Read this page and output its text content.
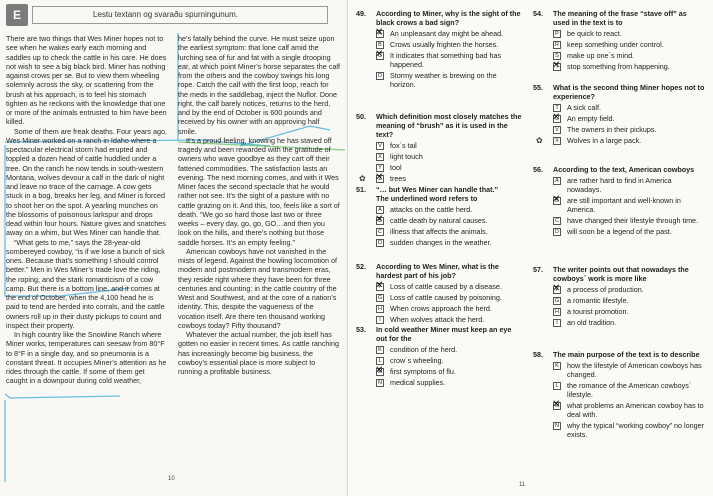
E	Lestu textann og svaraðu spurningunum.

There are two things that Wes Miner hopes not to see when he wakes early each morning and saddles up to check the cattle in his care. He does not wish to see a big black bird. Miner has nothing against crows per se. But to view them wheeling solemnly across the sky, or scattering from the brush at his approach, is to feel his stomach tighten as he reckons with the knowledge that one or more of the animals entrusted to him have been killed.

Some of them are freak deaths. Four years ago, Wes Miner worked on a ranch in Idaho where a spectacular electrical storm had erupted and toppled a dozen head of cattle huddled under a tree. On the ranch he now tends in south-western Montana, wolves devour a calf in the dark of night and leave no trace of the carnage. A cow gets stuck in a bog, breaks her leg, and Miner is forced to shoot her on the spot. A yearling munches on the blossoms of poisonous larkspur and drops dead within four hours. Nature gives and snatches away on a whim, but Wes Miner can handle that.

“What gets to me,” says the 28-year-old sombereyed cowboy, “is if we lose a bunch of sick ones. Because that’s something I should control better.” Men in Wes Miner’s trade love the riding, the roping, and the stark romanticism of a cow camp. But there is a bottom line, and it comes at the end of October, when the 4,100 head he is paid to tend are herded into corrals, and the cattle owners roll up in their dusty pickups to count and inspect their property.

In high country like the Snowline Ranch where Miner works, temperatures can seesaw from 80°F to 8°F in a single day, and so pneumonia is a constant threat. It occupies Miner’s attention as he rides through the cattle. If some of them get caught in a downpour during cold weather,

he’s fatally behind the curve. He must seize upon the earliest symptom: that lone calf amid the lurching sea of fur and fat with a single drooping ear, at which point Miner’s horse separates the calf from the others and the cowboy swings his long rope. Catch the calf with the first loop, reach for the meds in the saddlebag, inject the Nuflor. Done right, the calf barely notices, returns to the herd, and by the end of October is 600 pounds and received by his owner with an approving half smile.

It’s a proud feeling, knowing he has staved off tragedy and been rewarded with the gratitude of owners who wave goodbye as they cart off their fattened commodities. The satisfaction lasts an evening. The next morning comes, and with it Wes Miner faces the second spectacle that he would rather not see. It’s the sight of a pasture with no cattle grazing on it. And this, too, feels like a sort of death. “We go so hard those last two or three weeks – every day, go, go, GO…and then you look on the hills, and there’s nothing but those saddle horses. It’s an empty feeling.”

American cowboys have not vanished in the mists of legend. Against the howling locomotion of modern and postmodern and transmodern eras, they reside right where they have been for three centuries and counting: in the cattle country of the West and Southwest, and at the core of a nation’s identity. This, despite the vagueness of the vocation itself. Are there ten thousand working cowboys today? Fifty thousand?

Whatever the actual number, the job itself has gotten no easier in recent times. As cattle ranching has increasingly become big business, the cowboy’s essential place is more subject to running a profitable business.

10
49.	According to Miner, why is the sight of the black crows a bad sign?
A ✕	An unpleasant day might be ahead.
B	Crows usually frighten the horses.
C ✕ It indicates that something bad has happened.
D Stormy weather is brewing on the horizon.
50.	Which definition most closely matches the meaning of “brush” as it is used in the text?
V	fox´s tail
X	light touch
Y	tool
✿	Z ✕	trees
51.	“… but Wes Miner can handle that.”
The underlined word refers to
A	attacks on the cattle herd.
B ✕	cattle death by natural causes.
C illness that affects the animals.
D sudden changes in the weather.
52.	According to Wes Miner, what is the hardest part of his job?
F ✕	Loss of cattle caused by a disease.
G Loss of cattle caused by poisoning.
H When crows approach the herd.
I	When wolves attack the herd.
53.	In cold weather Miner must keep an eye out for the
K	condition of the herd.
L	crow´s wheeling.
M ✕ first symptoms of flu.
N medical supplies.
54.	The meaning of the frase “stave off” as used in the text is to
P	be quick to react.
R keep something under control.
S	make up one´s mind.
T ✕	stop something from happening.
55.	What is the second thing Miner hopes not to experience?
T	A sick calf.
U ✕ An empty field.
V	The owners in their pickups.
✿	X	Wolves in a large pack.
56.	According to the text, American cowboys
A	are rather hard to find in America nowadays.
B ✕	are still important and well-known in America.
C have changed their lifestyle through time.
D will soon be a legend of the past.
57.	The writer points out that nowadays the cowboys´ work is more like
F ✕	a process of production.
G a romantic lifestyle.
H a tourist promotion.
I	an old tradition.
58.	The main purpose of the text is to describe
K	how the lifestyle of American cowboys has changed.
L	the romance of the American cowboys´ lifestyle.
M ✕ what problems an American cowboy has to deal with.
N why the typical “working cowboy” no longer exists.
11
